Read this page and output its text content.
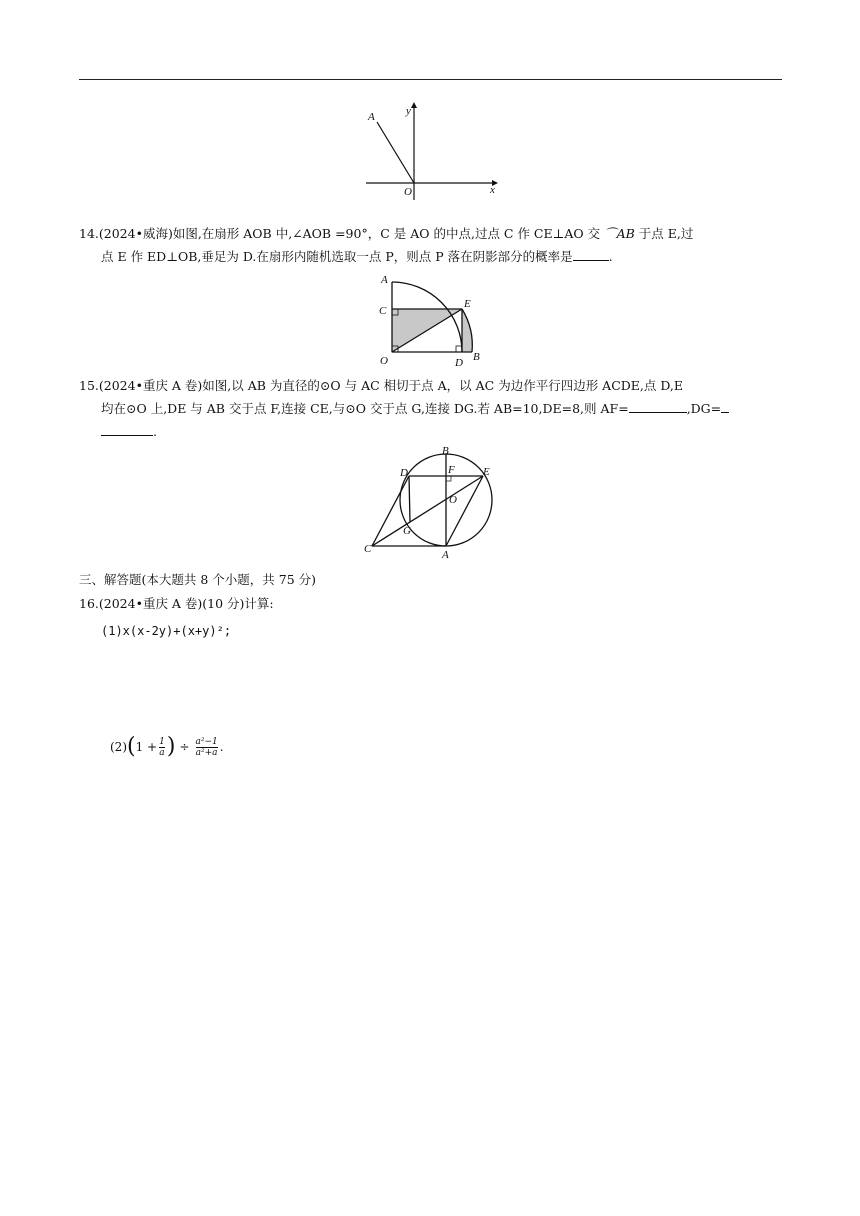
A	y
O	x
14.(2024•威海)如图,在扇形 AOB 中,∠AOB =90°，C 是 AO 的中点,过点 C 作 CE⊥AO 交 ⌒AB 于点 E,过
点 E 作 ED⊥OB,垂足为 D.在扇形内随机选取一点 P，则点 P 落在阴影部分的概率是	.
A
C
E
O	D B
15.(2024•重庆 A 卷)如图,以 AB 为直径的⊙O 与 AC 相切于点 A，以 AC 为边作平行四边形 ACDE,点 D,E
均在⊙O 上,DE 与 AB 交于点 F,连接 CE,与⊙O 交于点 G,连接 DG.若 AB=10,DE=8,则 AF=	,DG=
.
B
D	F	E
O
G
C	A
三、解答题(本大题共 8 个小题，共 75 分)
16.(2024•重庆 A 卷)(10 分)计算:
(1)x(x-2y)+(x+y)²;
(2) ( $1 + \frac{1}{a}$ ) ÷ $\frac{\text{a²−1}}{\text{a²+a}}$ .
